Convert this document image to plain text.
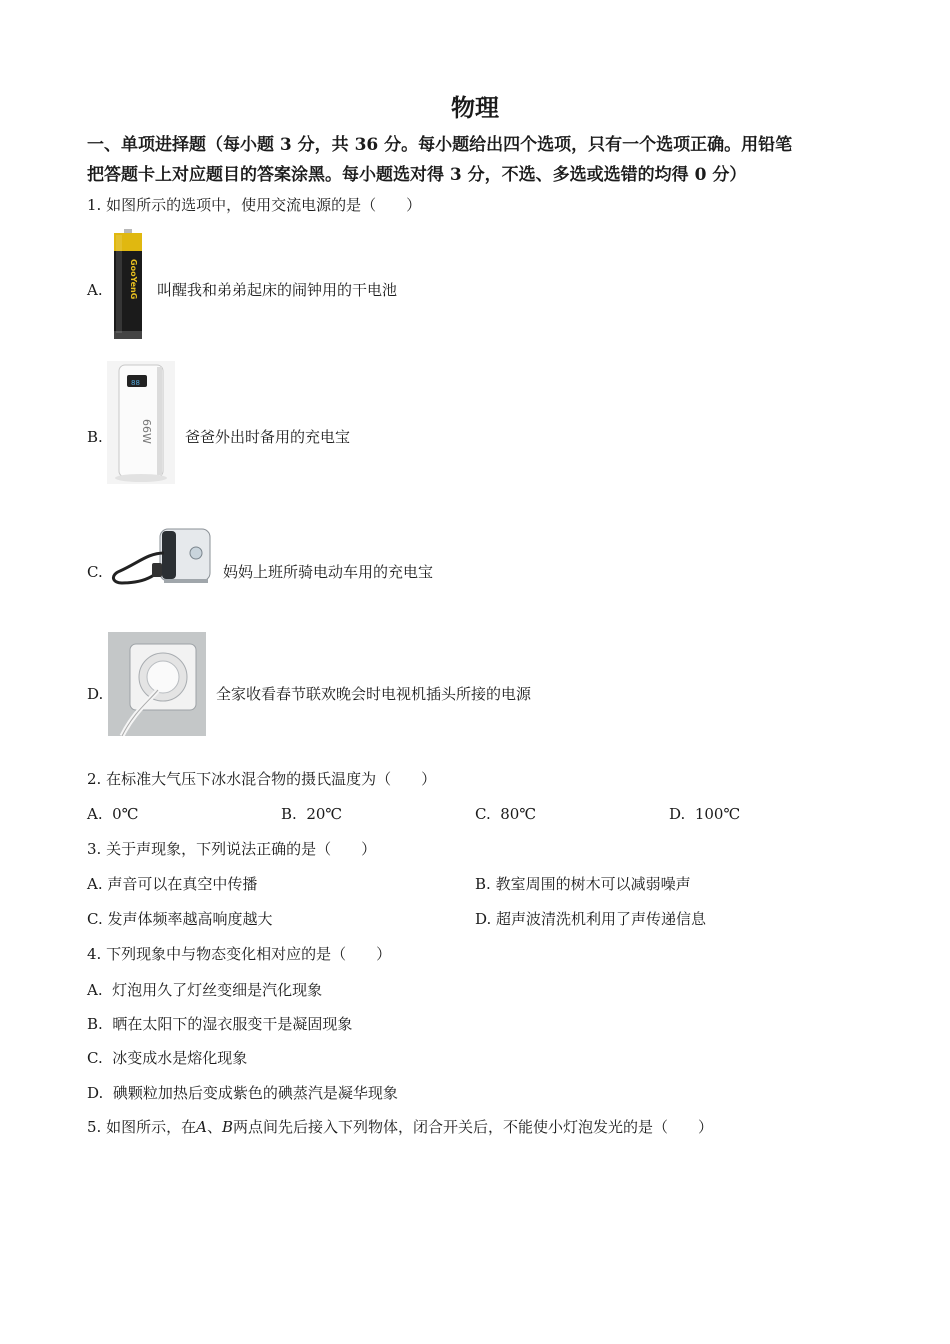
物理
一、单项进择题（每小题 3 分，共 36 分。每小题给出四个选项，只有一个选项正确。用铅笔
把答题卡上对应题目的答案涂黑。每小题选对得 3 分，不选、多选或选错的均得 0 分）
1. 如图所示的选项中，使用交流电源的是（　　）
A.	GooYenG 叫醒我和弟弟起床的闹钟用的干电池
B.
88
66W 爸爸外出时备用的充电宝
C.	妈妈上班所骑电动车用的充电宝
D.	全家收看春节联欢晚会时电视机插头所接的电源
2. 在标准大气压下冰水混合物的摄氏温度为（　　）
A. 0℃	B. 20℃	C. 80℃	D. 100℃
3. 关于声现象，下列说法正确的是（　　）
A. 声音可以在真空中传播	B. 教室周围的树木可以减弱噪声
C. 发声体频率越高响度越大	D. 超声波清洗机利用了声传递信息
4. 下列现象中与物态变化相对应的是（　　）
A. 灯泡用久了灯丝变细是汽化现象
B. 晒在太阳下的湿衣服变干是凝固现象
C. 冰变成水是熔化现象
D. 碘颗粒加热后变成紫色的碘蒸汽是凝华现象
5. 如图所示，在A、B两点间先后接入下列物体，闭合开关后，不能使小灯泡发光的是（　　）
